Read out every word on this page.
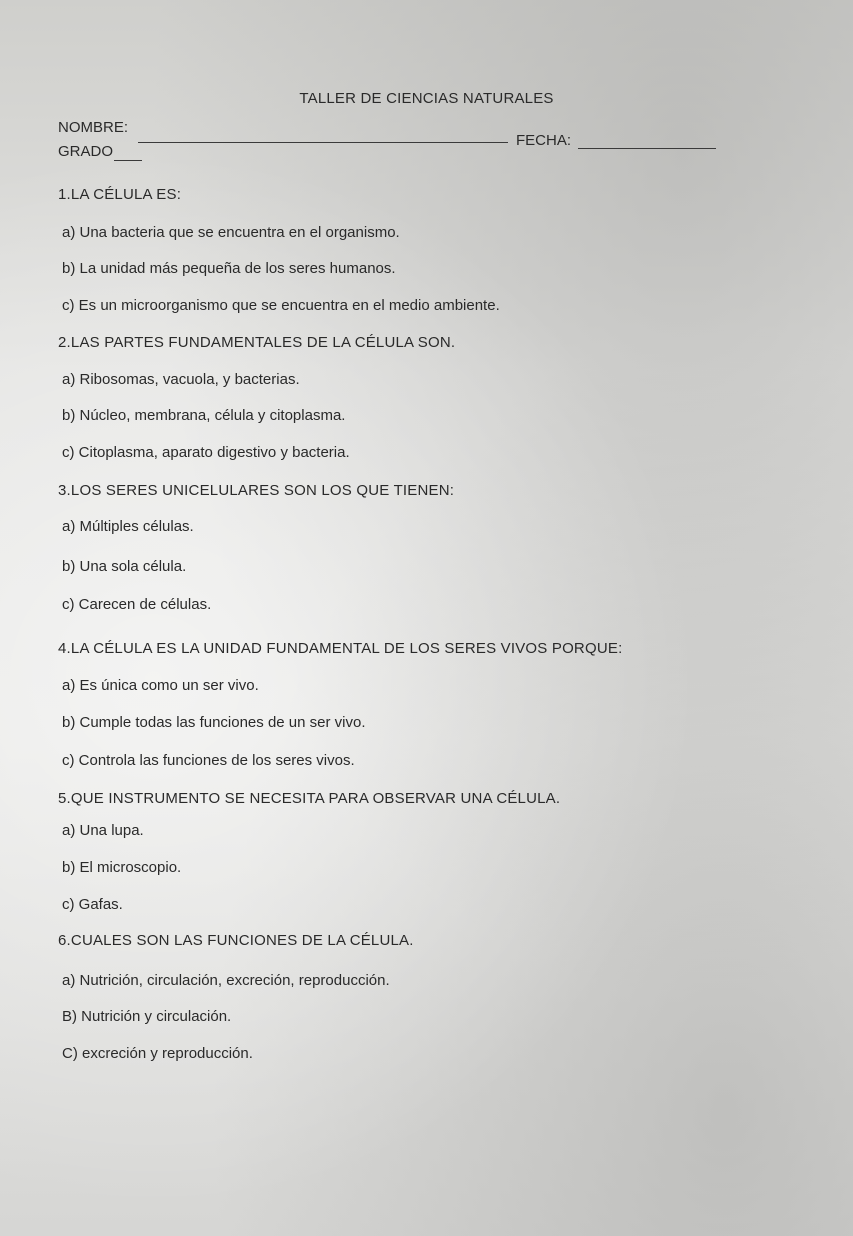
TALLER DE CIENCIAS NATURALES
NOMBRE:
FECHA:
GRADO
1.LA CÉLULA ES:
a) Una bacteria que se encuentra en el organismo.
b) La unidad más pequeña de los seres humanos.
c) Es un microorganismo que se encuentra en el medio ambiente.
2.LAS PARTES FUNDAMENTALES DE LA CÉLULA SON.
a) Ribosomas, vacuola, y bacterias.
b) Núcleo, membrana, célula y citoplasma.
c) Citoplasma, aparato digestivo y bacteria.
3.LOS SERES UNICELULARES SON LOS QUE TIENEN:
a) Múltiples células.
b) Una sola célula.
c) Carecen de células.
4.LA CÉLULA ES LA UNIDAD FUNDAMENTAL DE LOS SERES VIVOS PORQUE:
a) Es única como un ser vivo.
b) Cumple todas las funciones de un ser vivo.
c) Controla las funciones de los seres vivos.
5.QUE INSTRUMENTO SE NECESITA PARA OBSERVAR UNA CÉLULA.
a) Una lupa.
b) El microscopio.
c) Gafas.
6.CUALES SON LAS FUNCIONES DE LA CÉLULA.
a) Nutrición, circulación, excreción, reproducción.
B) Nutrición y circulación.
C) excreción y reproducción.
